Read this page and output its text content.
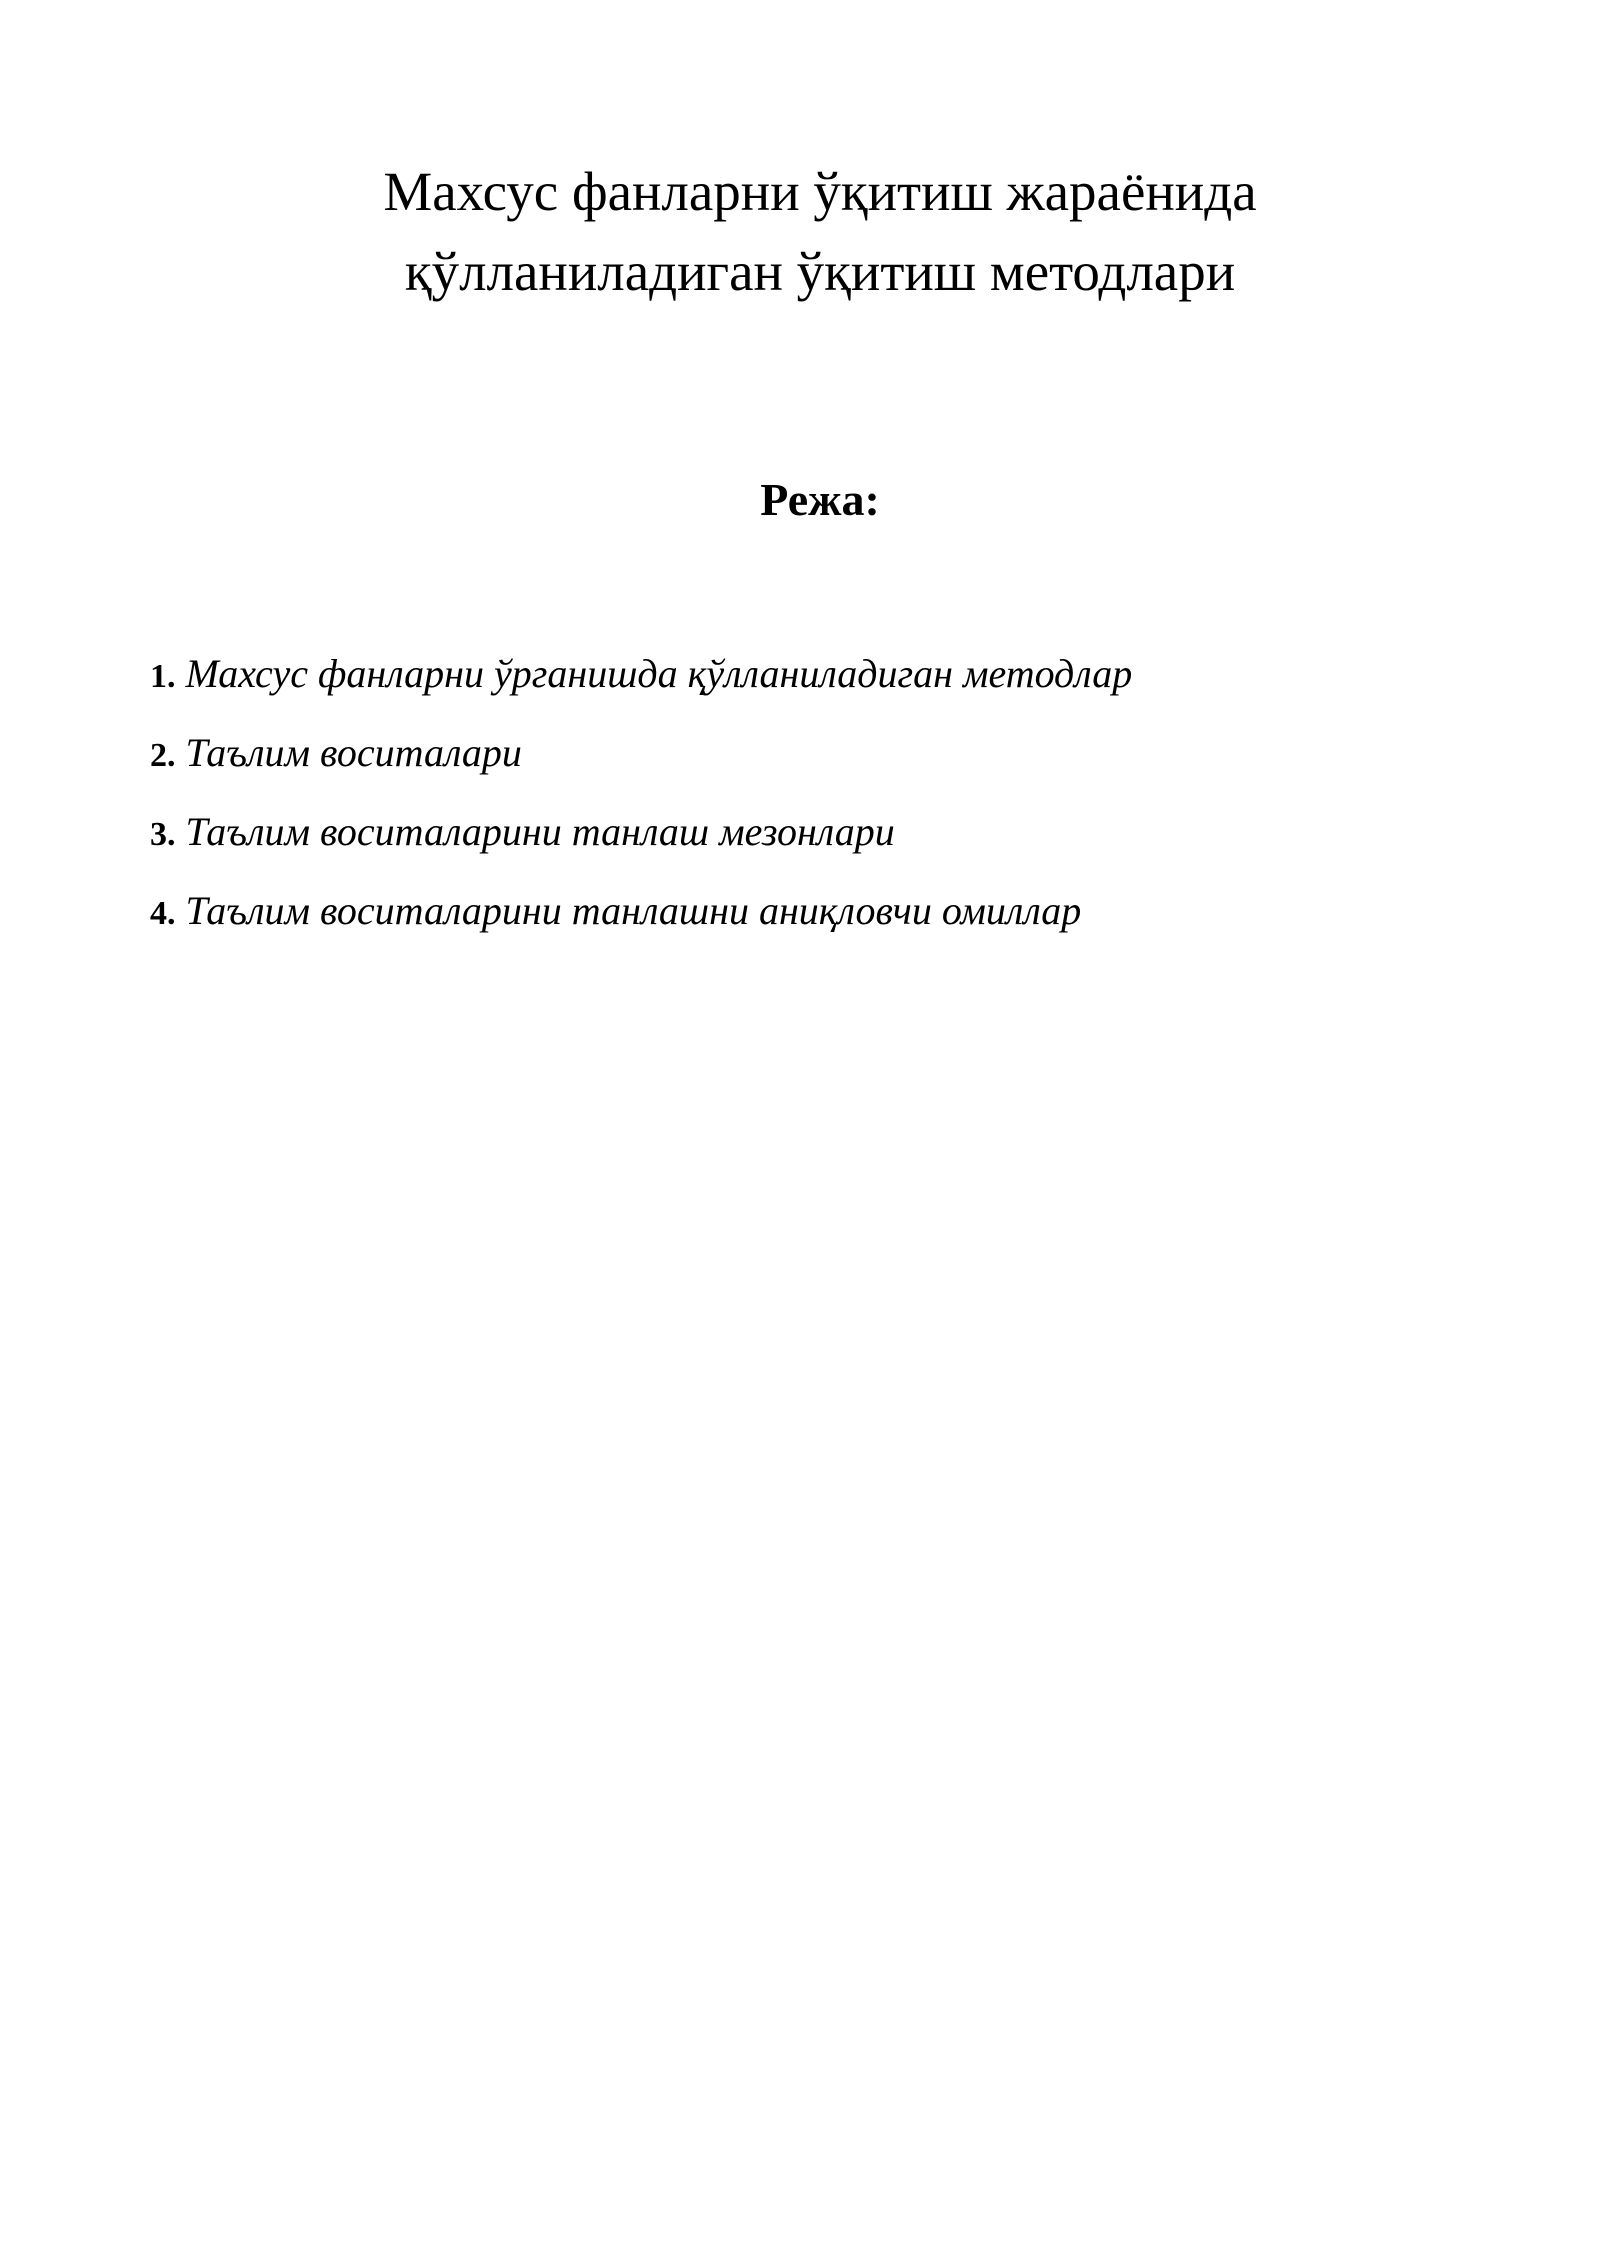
Махсус фанларни ўқитиш жараёнида
қўлланиладиган ўқитиш методлари
Режа:
1. Махсус фанларни ўрганишда қўлланиладиган методлар
2. Таълим воситалари
3. Таълим воситаларини танлаш мезонлари
4. Таълим воситаларини танлашни аниқловчи омиллар
